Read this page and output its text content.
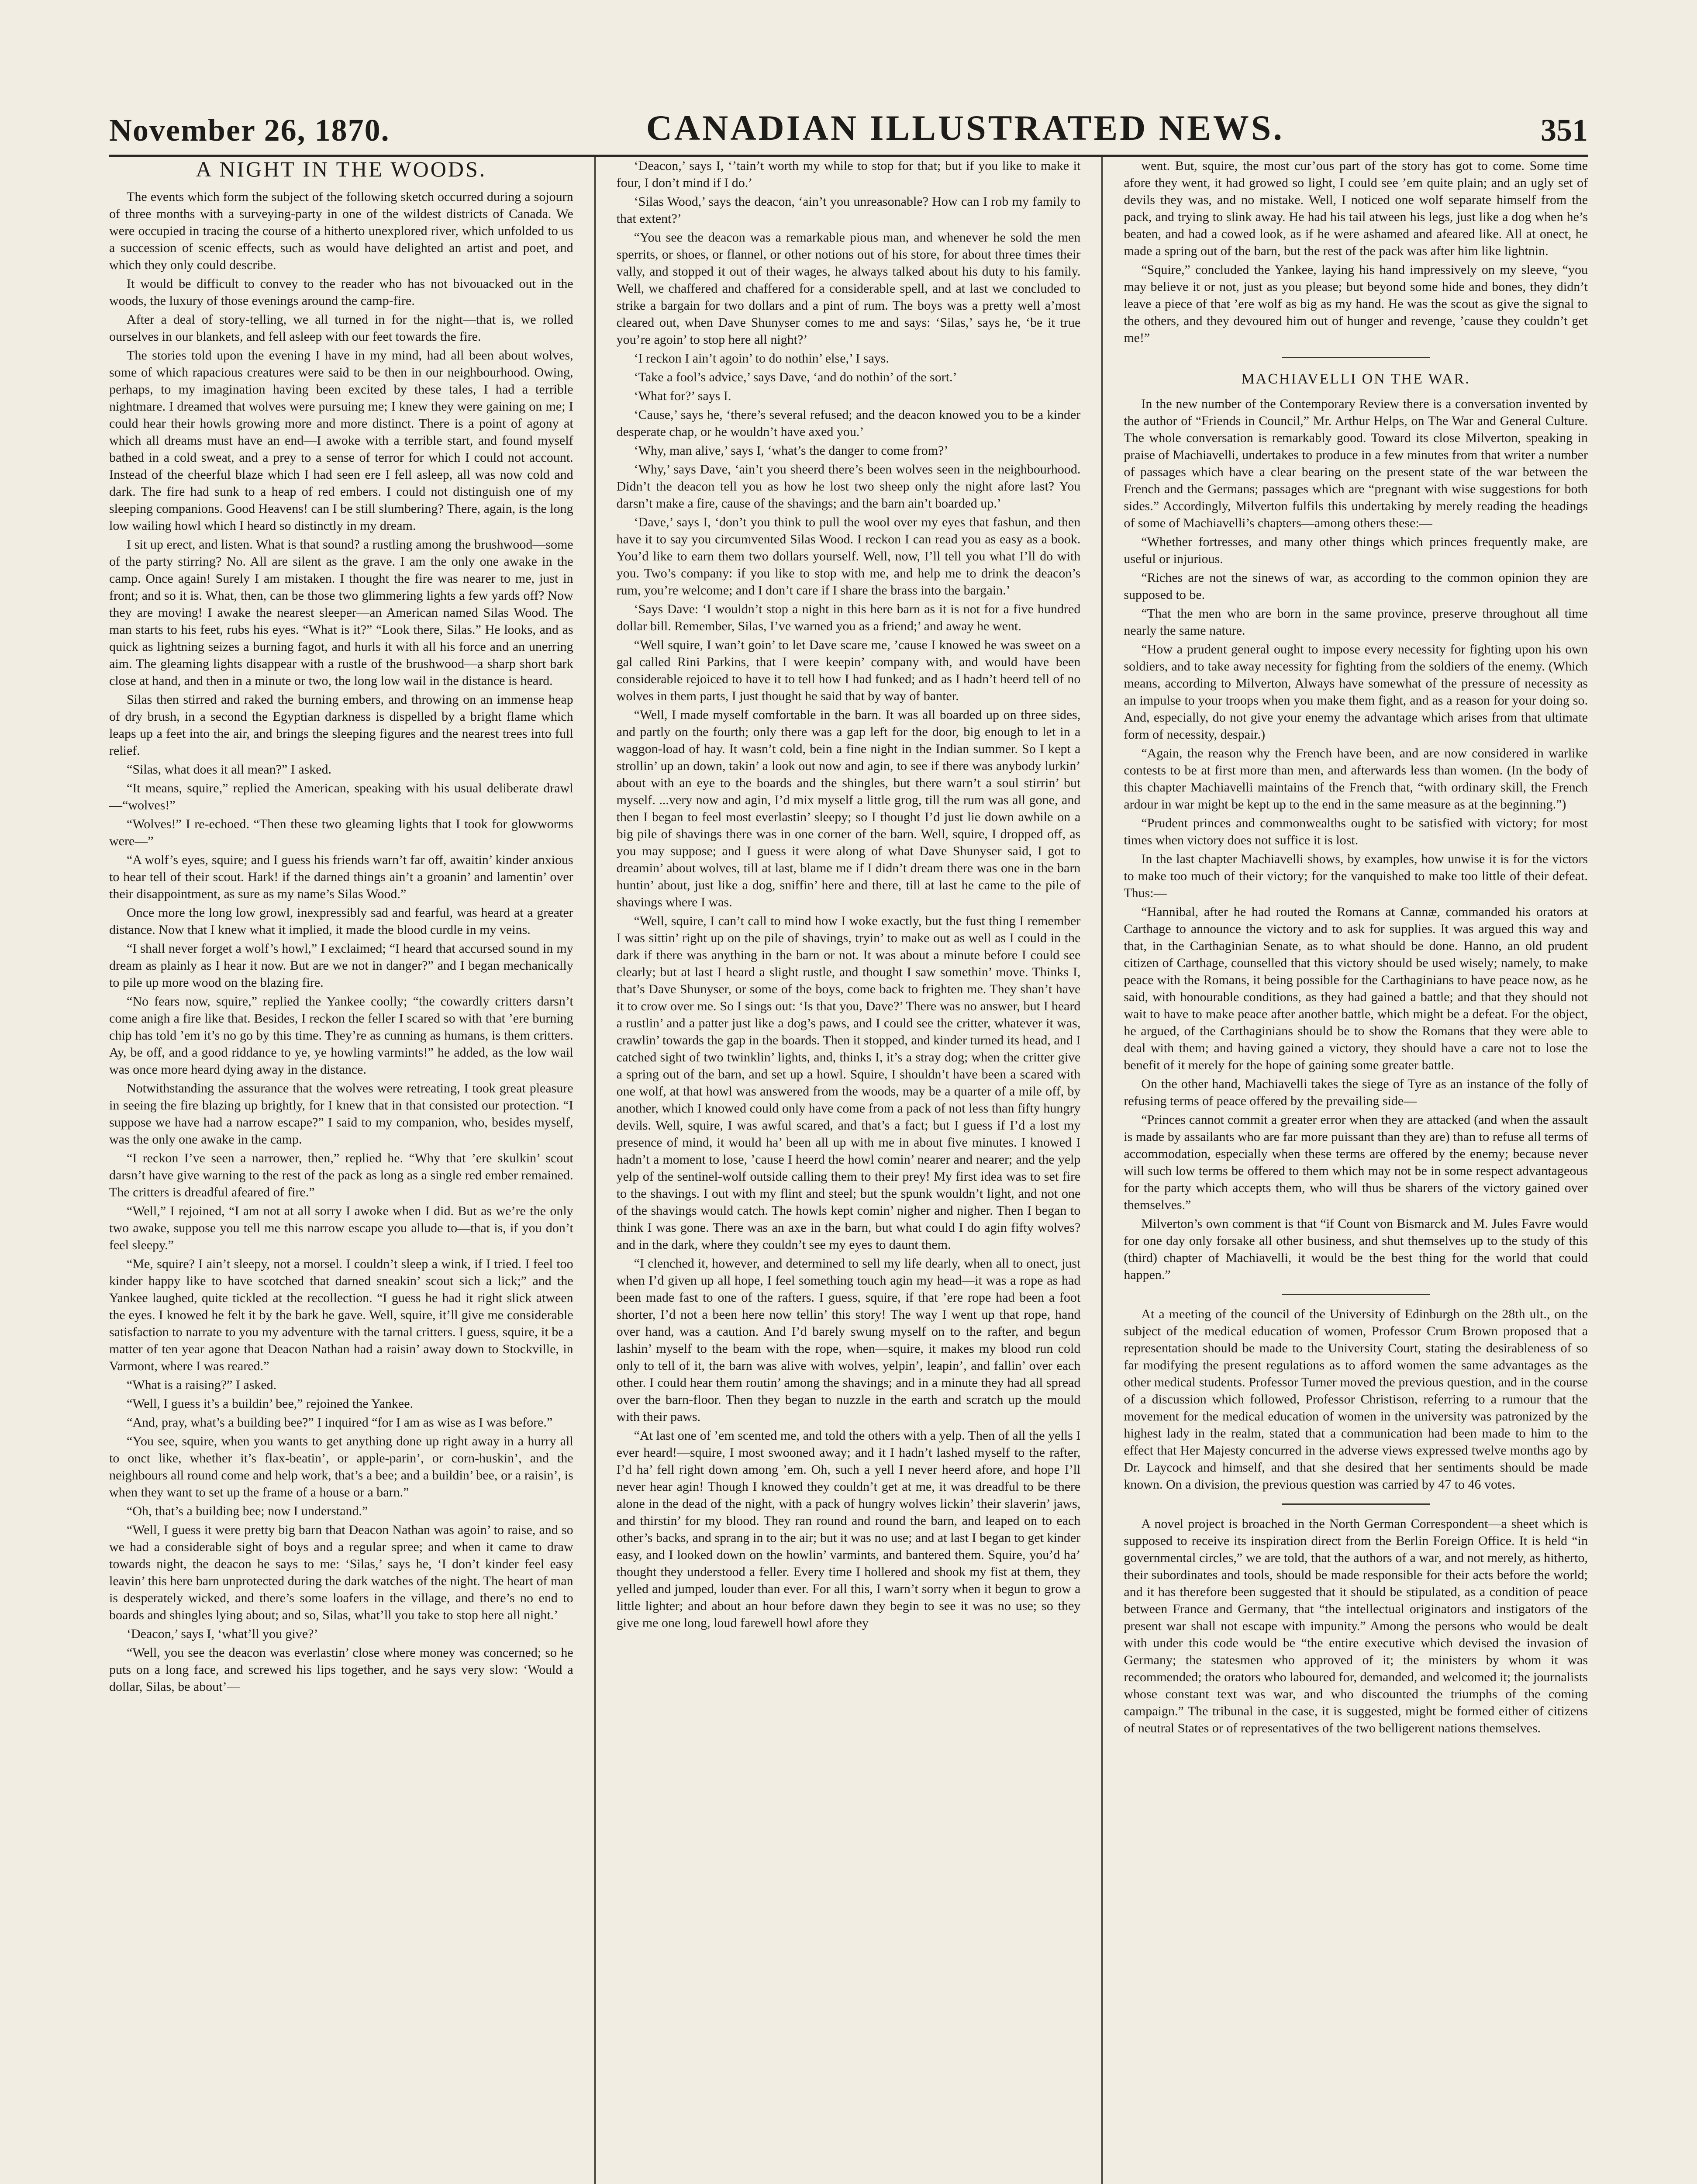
November 26, 1870.	CANADIAN ILLUSTRATED NEWS.	351
A NIGHT IN THE WOODS.

The events which form the subject of the following sketch occurred during a sojourn of three months with a surveying-party in one of the wildest districts of Canada. We were occupied in tracing the course of a hitherto unexplored river, which unfolded to us a succession of scenic effects, such as would have delighted an artist and poet, and which they only could describe.

It would be difficult to convey to the reader who has not bivouacked out in the woods, the luxury of those evenings around the camp-fire.

After a deal of story-telling, we all turned in for the night—that is, we rolled ourselves in our blankets, and fell asleep with our feet towards the fire.

The stories told upon the evening I have in my mind, had all been about wolves, some of which rapacious creatures were said to be then in our neighbourhood. Owing, perhaps, to my imagination having been excited by these tales, I had a terrible nightmare. I dreamed that wolves were pursuing me; I knew they were gaining on me; I could hear their howls growing more and more distinct. There is a point of agony at which all dreams must have an end—I awoke with a terrible start, and found myself bathed in a cold sweat, and a prey to a sense of terror for which I could not account. Instead of the cheerful blaze which I had seen ere I fell asleep, all was now cold and dark. The fire had sunk to a heap of red embers. I could not distinguish one of my sleeping companions. Good Heavens! can I be still slumbering? There, again, is the long low wailing howl which I heard so distinctly in my dream.

I sit up erect, and listen. What is that sound? a rustling among the brushwood—some of the party stirring? No. All are silent as the grave. I am the only one awake in the camp. Once again! Surely I am mistaken. I thought the fire was nearer to me, just in front; and so it is. What, then, can be those two glimmering lights a few yards off? Now they are moving! I awake the nearest sleeper—an American named Silas Wood. The man starts to his feet, rubs his eyes. “What is it?” “Look there, Silas.” He looks, and as quick as lightning seizes a burning fagot, and hurls it with all his force and an unerring aim. The gleaming lights disappear with a rustle of the brushwood—a sharp short bark close at hand, and then in a minute or two, the long low wail in the distance is heard.

Silas then stirred and raked the burning embers, and throwing on an immense heap of dry brush, in a second the Egyptian darkness is dispelled by a bright flame which leaps up a feet into the air, and brings the sleeping figures and the nearest trees into full relief.

“Silas, what does it all mean?” I asked.

“It means, squire,” replied the American, speaking with his usual deliberate drawl—“wolves!”

“Wolves!” I re-echoed. “Then these two gleaming lights that I took for glowworms were—”

“A wolf’s eyes, squire; and I guess his friends warn’t far off, awaitin’ kinder anxious to hear tell of their scout. Hark! if the darned things ain’t a groanin’ and lamentin’ over their disappointment, as sure as my name’s Silas Wood.”

Once more the long low growl, inexpressibly sad and fearful, was heard at a greater distance. Now that I knew what it implied, it made the blood curdle in my veins.

“I shall never forget a wolf’s howl,” I exclaimed; “I heard that accursed sound in my dream as plainly as I hear it now. But are we not in danger?” and I began mechanically to pile up more wood on the blazing fire.

“No fears now, squire,” replied the Yankee coolly; “the cowardly critters darsn’t come anigh a fire like that. Besides, I reckon the feller I scared so with that ’ere burning chip has told ’em it’s no go by this time. They’re as cunning as humans, is them critters. Ay, be off, and a good riddance to ye, ye howling varmints!” he added, as the low wail was once more heard dying away in the distance.

Notwithstanding the assurance that the wolves were retreating, I took great pleasure in seeing the fire blazing up brightly, for I knew that in that consisted our protection. “I suppose we have had a narrow escape?” I said to my companion, who, besides myself, was the only one awake in the camp.

“I reckon I’ve seen a narrower, then,” replied he. “Why that ’ere skulkin’ scout darsn’t have give warning to the rest of the pack as long as a single red ember remained. The critters is dreadful afeared of fire.”

“Well,” I rejoined, “I am not at all sorry I awoke when I did. But as we’re the only two awake, suppose you tell me this narrow escape you allude to—that is, if you don’t feel sleepy.”

“Me, squire? I ain’t sleepy, not a morsel. I couldn’t sleep a wink, if I tried. I feel too kinder happy like to have scotched that darned sneakin’ scout sich a lick;” and the Yankee laughed, quite tickled at the recollection. “I guess he had it right slick atween the eyes. I knowed he felt it by the bark he gave. Well, squire, it’ll give me considerable satisfaction to narrate to you my adventure with the tarnal critters. I guess, squire, it be a matter of ten year agone that Deacon Nathan had a raisin’ away down to Stockville, in Varmont, where I was reared.”

“What is a raising?” I asked.

“Well, I guess it’s a buildin’ bee,” rejoined the Yankee.

“And, pray, what’s a building bee?” I inquired “for I am as wise as I was before.”

“You see, squire, when you wants to get anything done up right away in a hurry all to onct like, whether it’s flax-beatin’, or apple-parin’, or corn-huskin’, and the neighbours all round come and help work, that’s a bee; and a buildin’ bee, or a raisin’, is when they want to set up the frame of a house or a barn.”

“Oh, that’s a building bee; now I understand.”

“Well, I guess it were pretty big barn that Deacon Nathan was agoin’ to raise, and so we had a considerable sight of boys and a regular spree; and when it came to draw towards night, the deacon he says to me: ‘Silas,’ says he, ‘I don’t kinder feel easy leavin’ this here barn unprotected during the dark watches of the night. The heart of man is desperately wicked, and there’s some loafers in the village, and there’s no end to boards and shingles lying about; and so, Silas, what’ll you take to stop here all night.’

‘Deacon,’ says I, ‘what’ll you give?’

“Well, you see the deacon was everlastin’ close where money was concerned; so he puts on a long face, and screwed his lips together, and he says very slow: ‘Would a dollar, Silas, be about’—

‘Deacon,’ says I, ‘’tain’t worth my while to stop for that; but if you like to make it four, I don’t mind if I do.’

‘Silas Wood,’ says the deacon, ‘ain’t you unreasonable? How can I rob my family to that extent?’

“You see the deacon was a remarkable pious man, and whenever he sold the men sperrits, or shoes, or flannel, or other notions out of his store, for about three times their vally, and stopped it out of their wages, he always talked about his duty to his family. Well, we chaffered and chaffered for a considerable spell, and at last we concluded to strike a bargain for two dollars and a pint of rum. The boys was a pretty well a’most cleared out, when Dave Shunyser comes to me and says: ‘Silas,’ says he, ‘be it true you’re agoin’ to stop here all night?’

‘I reckon I ain’t agoin’ to do nothin’ else,’ I says.

‘Take a fool’s advice,’ says Dave, ‘and do nothin’ of the sort.’

‘What for?’ says I.

‘Cause,’ says he, ‘there’s several refused; and the deacon knowed you to be a kinder desperate chap, or he wouldn’t have axed you.’

‘Why, man alive,’ says I, ‘what’s the danger to come from?’

‘Why,’ says Dave, ‘ain’t you sheerd there’s been wolves seen in the neighbourhood. Didn’t the deacon tell you as how he lost two sheep only the night afore last? You darsn’t make a fire, cause of the shavings; and the barn ain’t boarded up.’

‘Dave,’ says I, ‘don’t you think to pull the wool over my eyes that fashun, and then have it to say you circumvented Silas Wood. I reckon I can read you as easy as a book. You’d like to earn them two dollars yourself. Well, now, I’ll tell you what I’ll do with you. Two’s company: if you like to stop with me, and help me to drink the deacon’s rum, you’re welcome; and I don’t care if I share the brass into the bargain.’

‘Says Dave: ‘I wouldn’t stop a night in this here barn as it is not for a five hundred dollar bill. Remember, Silas, I’ve warned you as a friend;’ and away he went.

“Well squire, I wan’t goin’ to let Dave scare me, ’cause I knowed he was sweet on a gal called Rini Parkins, that I were keepin’ company with, and would have been considerable rejoiced to have it to tell how I had funked; and as I hadn’t heerd tell of no wolves in them parts, I just thought he said that by way of banter.

“Well, I made myself comfortable in the barn. It was all boarded up on three sides, and partly on the fourth; only there was a gap left for the door, big enough to let in a waggon-load of hay. It wasn’t cold, bein a fine night in the Indian summer. So I kept a strollin’ up an down, takin’ a look out now and agin, to see if there was anybody lurkin’ about with an eye to the boards and the shingles, but there warn’t a soul stirrin’ but myself. ...very now and agin, I’d mix myself a little grog, till the rum was all gone, and then I began to feel most everlastin’ sleepy; so I thought I’d just lie down awhile on a big pile of shavings there was in one corner of the barn. Well, squire, I dropped off, as you may suppose; and I guess it were along of what Dave Shunyser said, I got to dreamin’ about wolves, till at last, blame me if I didn’t dream there was one in the barn huntin’ about, just like a dog, sniffin’ here and there, till at last he came to the pile of shavings where I was.

“Well, squire, I can’t call to mind how I woke exactly, but the fust thing I remember I was sittin’ right up on the pile of shavings, tryin’ to make out as well as I could in the dark if there was anything in the barn or not. It was about a minute before I could see clearly; but at last I heard a slight rustle, and thought I saw somethin’ move. Thinks I, that’s Dave Shunyser, or some of the boys, come back to frighten me. They shan’t have it to crow over me. So I sings out: ‘Is that you, Dave?’ There was no answer, but I heard a rustlin’ and a patter just like a dog’s paws, and I could see the critter, whatever it was, crawlin’ towards the gap in the boards. Then it stopped, and kinder turned its head, and I catched sight of two twinklin’ lights, and, thinks I, it’s a stray dog; when the critter give a spring out of the barn, and set up a howl. Squire, I shouldn’t have been a scared with one wolf, at that howl was answered from the woods, may be a quarter of a mile off, by another, which I knowed could only have come from a pack of not less than fifty hungry devils. Well, squire, I was awful scared, and that’s a fact; but I guess if I’d a lost my presence of mind, it would ha’ been all up with me in about five minutes. I knowed I hadn’t a moment to lose, ’cause I heerd the howl comin’ nearer and nearer; and the yelp yelp of the sentinel-wolf outside calling them to their prey! My first idea was to set fire to the shavings. I out with my flint and steel; but the spunk wouldn’t light, and not one of the shavings would catch. The howls kept comin’ nigher and nigher. Then I began to think I was gone. There was an axe in the barn, but what could I do agin fifty wolves? and in the dark, where they couldn’t see my eyes to daunt them.

“I clenched it, however, and determined to sell my life dearly, when all to onect, just when I’d given up all hope, I feel something touch agin my head—it was a rope as had been made fast to one of the rafters. I guess, squire, if that ’ere rope had been a foot shorter, I’d not a been here now tellin’ this story! The way I went up that rope, hand over hand, was a caution. And I’d barely swung myself on to the rafter, and begun lashin’ myself to the beam with the rope, when—squire, it makes my blood run cold only to tell of it, the barn was alive with wolves, yelpin’, leapin’, and fallin’ over each other. I could hear them routin’ among the shavings; and in a minute they had all spread over the barn-floor. Then they began to nuzzle in the earth and scratch up the mould with their paws.

“At last one of ’em scented me, and told the others with a yelp. Then of all the yells I ever heard!—squire, I most swooned away; and it I hadn’t lashed myself to the rafter, I’d ha’ fell right down among ’em. Oh, such a yell I never heerd afore, and hope I’ll never hear agin! Though I knowed they couldn’t get at me, it was dreadful to be there alone in the dead of the night, with a pack of hungry wolves lickin’ their slaverin’ jaws, and thirstin’ for my blood. They ran round and round the barn, and leaped on to each other’s backs, and sprang in to the air; but it was no use; and at last I began to get kinder easy, and I looked down on the howlin’ varmints, and bantered them. Squire, you’d ha’ thought they understood a feller. Every time I hollered and shook my fist at them, they yelled and jumped, louder than ever. For all this, I warn’t sorry when it begun to grow a little lighter; and about an hour before dawn they begin to see it was no use; so they give me one long, loud farewell howl afore they

went. But, squire, the most cur’ous part of the story has got to come. Some time afore they went, it had growed so light, I could see ’em quite plain; and an ugly set of devils they was, and no mistake. Well, I noticed one wolf separate himself from the pack, and trying to slink away. He had his tail atween his legs, just like a dog when he’s beaten, and had a cowed look, as if he were ashamed and afeared like. All at onect, he made a spring out of the barn, but the rest of the pack was after him like lightnin.

“Squire,” concluded the Yankee, laying his hand impressively on my sleeve, “you may believe it or not, just as you please; but beyond some hide and bones, they didn’t leave a piece of that ’ere wolf as big as my hand. He was the scout as give the signal to the others, and they devoured him out of hunger and revenge, ’cause they couldn’t get me!”

MACHIAVELLI ON THE WAR.

In the new number of the Contemporary Review there is a conversation invented by the author of “Friends in Council,” Mr. Arthur Helps, on The War and General Culture. The whole conversation is remarkably good. Toward its close Milverton, speaking in praise of Machiavelli, undertakes to produce in a few minutes from that writer a number of passages which have a clear bearing on the present state of the war between the French and the Germans; passages which are “pregnant with wise suggestions for both sides.” Accordingly, Milverton fulfils this undertaking by merely reading the headings of some of Machiavelli’s chapters—among others these:—

“Whether fortresses, and many other things which princes frequently make, are useful or injurious.

“Riches are not the sinews of war, as according to the common opinion they are supposed to be.

“That the men who are born in the same province, preserve throughout all time nearly the same nature.

“How a prudent general ought to impose every necessity for fighting upon his own soldiers, and to take away necessity for fighting from the soldiers of the enemy. (Which means, according to Milverton, Always have somewhat of the pressure of necessity as an impulse to your troops when you make them fight, and as a reason for your doing so. And, especially, do not give your enemy the advantage which arises from that ultimate form of necessity, despair.)

“Again, the reason why the French have been, and are now considered in warlike contests to be at first more than men, and afterwards less than women. (In the body of this chapter Machiavelli maintains of the French that, “with ordinary skill, the French ardour in war might be kept up to the end in the same measure as at the beginning.”)

“Prudent princes and commonwealths ought to be satisfied with victory; for most times when victory does not suffice it is lost.

In the last chapter Machiavelli shows, by examples, how unwise it is for the victors to make too much of their victory; for the vanquished to make too little of their defeat. Thus:—

“Hannibal, after he had routed the Romans at Cannæ, commanded his orators at Carthage to announce the victory and to ask for supplies. It was argued this way and that, in the Carthaginian Senate, as to what should be done. Hanno, an old prudent citizen of Carthage, counselled that this victory should be used wisely; namely, to make peace with the Romans, it being possible for the Carthaginians to have peace now, as he said, with honourable conditions, as they had gained a battle; and that they should not wait to have to make peace after another battle, which might be a defeat. For the object, he argued, of the Carthaginians should be to show the Romans that they were able to deal with them; and having gained a victory, they should have a care not to lose the benefit of it merely for the hope of gaining some greater battle.

On the other hand, Machiavelli takes the siege of Tyre as an instance of the folly of refusing terms of peace offered by the prevailing side—

“Princes cannot commit a greater error when they are attacked (and when the assault is made by assailants who are far more puissant than they are) than to refuse all terms of accommodation, especially when these terms are offered by the enemy; because never will such low terms be offered to them which may not be in some respect advantageous for the party which accepts them, who will thus be sharers of the victory gained over themselves.”

Milverton’s own comment is that “if Count von Bismarck and M. Jules Favre would for one day only forsake all other business, and shut themselves up to the study of this (third) chapter of Machiavelli, it would be the best thing for the world that could happen.”

At a meeting of the council of the University of Edinburgh on the 28th ult., on the subject of the medical education of women, Professor Crum Brown proposed that a representation should be made to the University Court, stating the desirableness of so far modifying the present regulations as to afford women the same advantages as the other medical students. Professor Turner moved the previous question, and in the course of a discussion which followed, Professor Christison, referring to a rumour that the movement for the medical education of women in the university was patronized by the highest lady in the realm, stated that a communication had been made to him to the effect that Her Majesty concurred in the adverse views expressed twelve months ago by Dr. Laycock and himself, and that she desired that her sentiments should be made known. On a division, the previous question was carried by 47 to 46 votes.

A novel project is broached in the North German Correspondent—a sheet which is supposed to receive its inspiration direct from the Berlin Foreign Office. It is held “in governmental circles,” we are told, that the authors of a war, and not merely, as hitherto, their subordinates and tools, should be made responsible for their acts before the world; and it has therefore been suggested that it should be stipulated, as a condition of peace between France and Germany, that “the intellectual originators and instigators of the present war shall not escape with impunity.” Among the persons who would be dealt with under this code would be “the entire executive which devised the invasion of Germany; the statesmen who approved of it; the ministers by whom it was recommended; the orators who laboured for, demanded, and welcomed it; the journalists whose constant text was war, and who discounted the triumphs of the coming campaign.” The tribunal in the case, it is suggested, might be formed either of citizens of neutral States or of representatives of the two belligerent nations themselves.
